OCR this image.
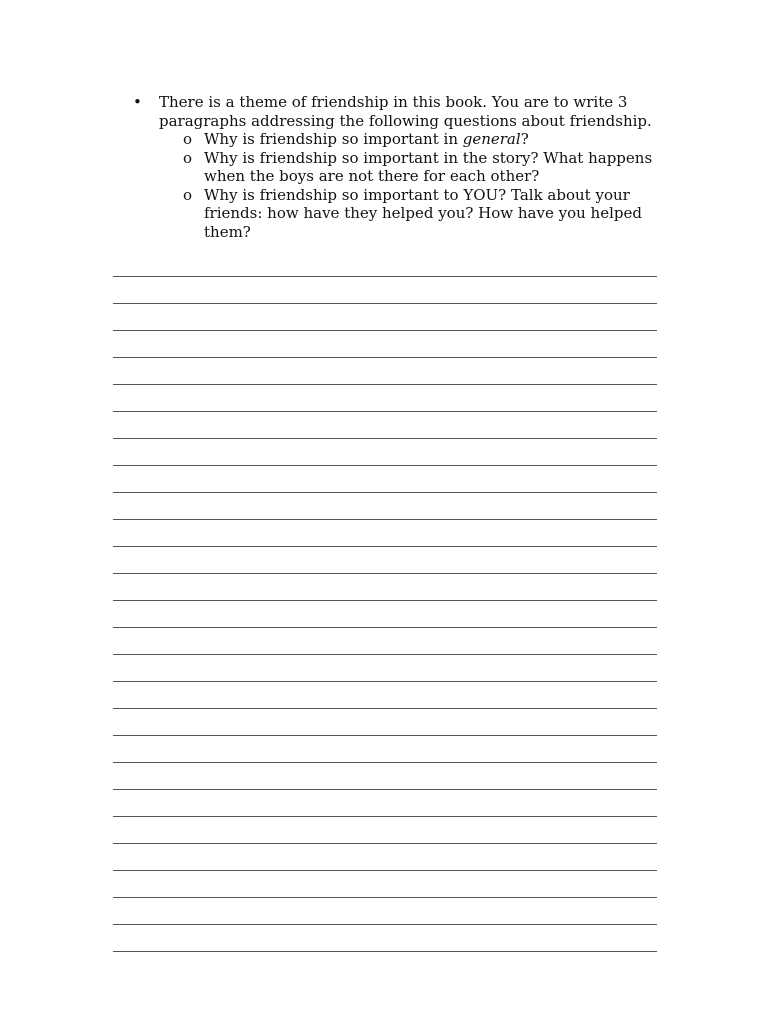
• There is a theme of friendship in this book. You are to write 3
paragraphs addressing the following questions about friendship.

o Why is friendship so important in general?
o Why is friendship so important in the story? What happens
when the boys are not there for each other?
o Why is friendship so important to YOU? Talk about your
friends: how have they helped you? How have you helped
them?
